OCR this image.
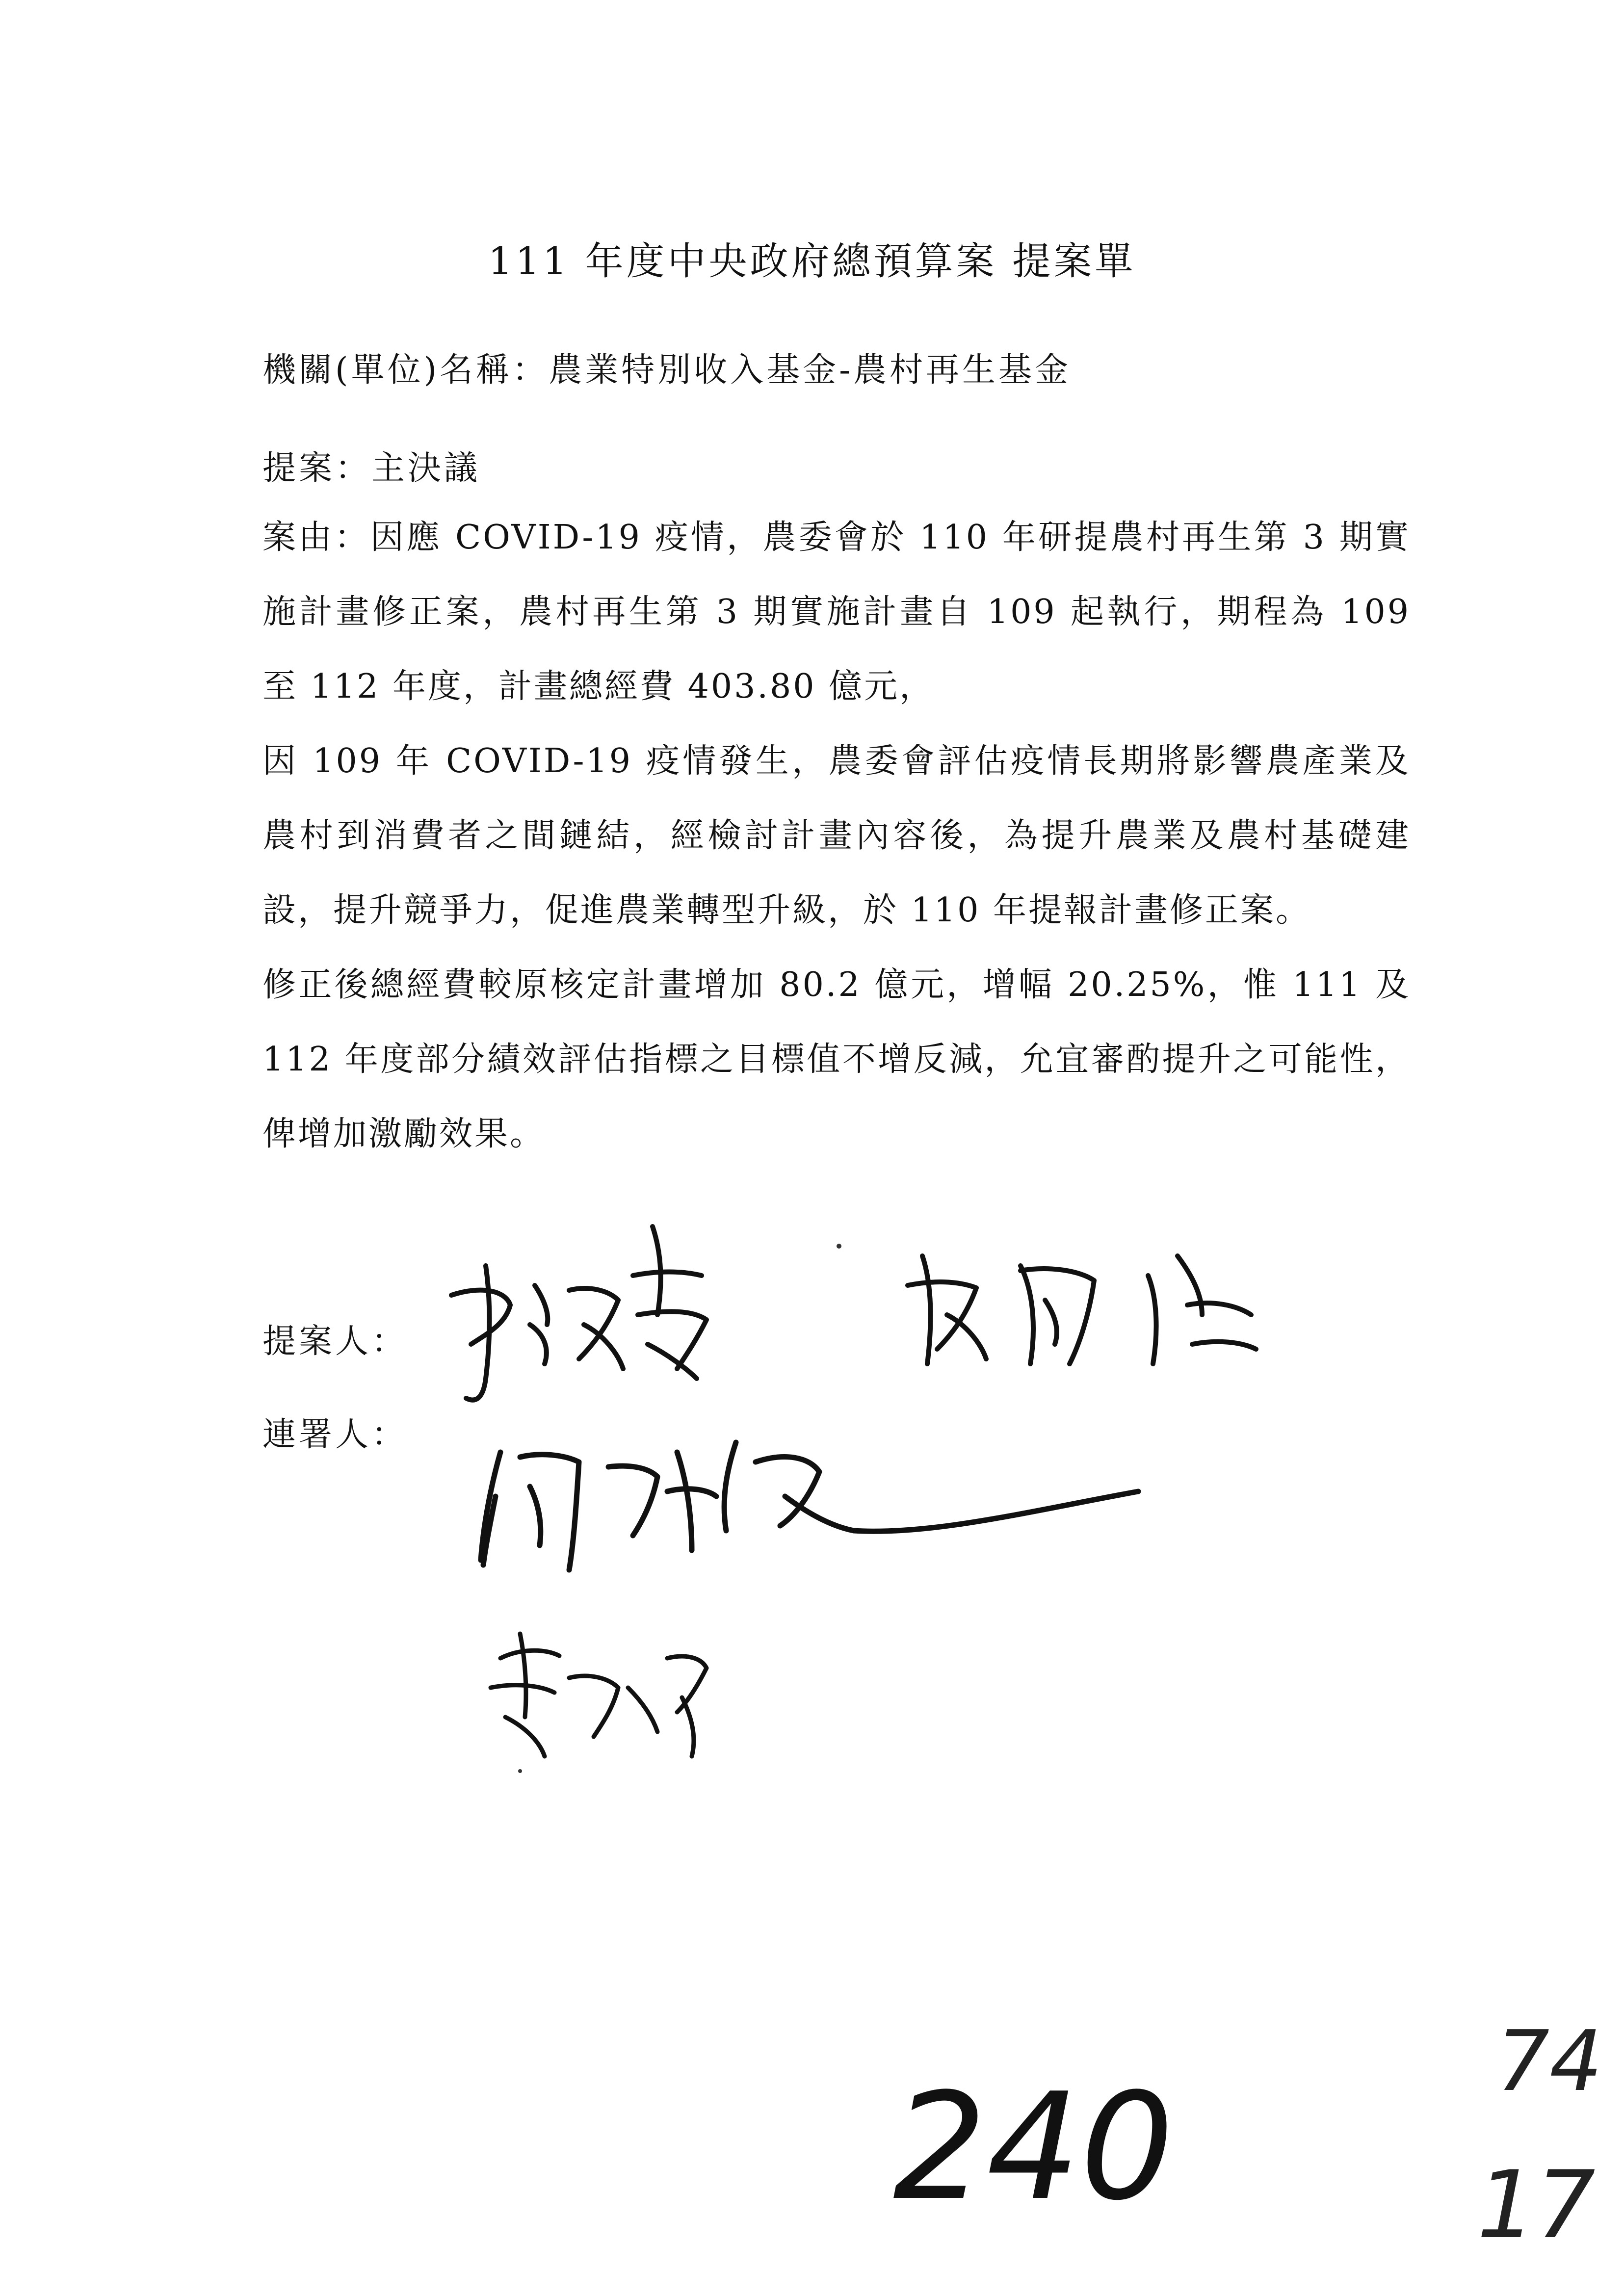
111 年度中央政府總預算案 提案單
機關(單位)名稱：農業特別收入基金-農村再生基金
提案：主決議

案由：因應 COVID-19 疫情，農委會於 110 年研提農村再生第 3 期實施計畫修正案，農村再生第 3 期實施計畫自 109 起執行，期程為 109 至 112 年度，計畫總經費 403.80 億元，

因 109 年 COVID-19 疫情發生，農委會評估疫情長期將影響農產業及農村到消費者之間鏈結，經檢討計畫內容後，為提升農業及農村基礎建設，提升競爭力，促進農業轉型升級，於 110 年提報計畫修正案。

修正後總經費較原核定計畫增加 80.2 億元，增幅 20.25%，惟 111 及 112 年度部分績效評估指標之目標值不增反減，允宜審酌提升之可能性，俾增加激勵效果。

提案人：
連署人：
240	74
17
